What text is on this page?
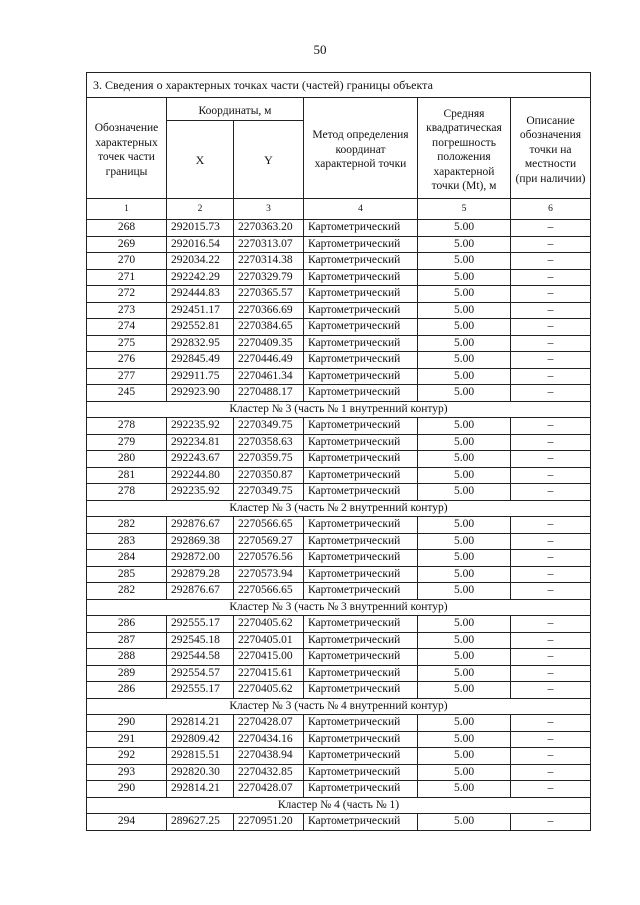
50
3. Сведения о характерных точках части (частей) границы объекта					
Обозначение характерных точек части границы	Координаты, м		Метод определения координат характерной точки	Средняя квадратическая погрешность положения характерной точки (Mt), м	Описание обозначения точки на местности (при наличии)
	X	Y			
1	2	3	4	5	6
268	292015.73	2270363.20	Картометрический	5.00	–
269	292016.54	2270313.07	Картометрический	5.00	–
270	292034.22	2270314.38	Картометрический	5.00	–
271	292242.29	2270329.79	Картометрический	5.00	–
272	292444.83	2270365.57	Картометрический	5.00	–
273	292451.17	2270366.69	Картометрический	5.00	–
274	292552.81	2270384.65	Картометрический	5.00	–
275	292832.95	2270409.35	Картометрический	5.00	–
276	292845.49	2270446.49	Картометрический	5.00	–
277	292911.75	2270461.34	Картометрический	5.00	–
245	292923.90	2270488.17	Картометрический	5.00	–
Кластер № 3 (часть № 1 внутренний контур)					
278	292235.92	2270349.75	Картометрический	5.00	–
279	292234.81	2270358.63	Картометрический	5.00	–
280	292243.67	2270359.75	Картометрический	5.00	–
281	292244.80	2270350.87	Картометрический	5.00	–
278	292235.92	2270349.75	Картометрический	5.00	–
Кластер № 3 (часть № 2 внутренний контур)					
282	292876.67	2270566.65	Картометрический	5.00	–
283	292869.38	2270569.27	Картометрический	5.00	–
284	292872.00	2270576.56	Картометрический	5.00	–
285	292879.28	2270573.94	Картометрический	5.00	–
282	292876.67	2270566.65	Картометрический	5.00	–
Кластер № 3 (часть № 3 внутренний контур)					
286	292555.17	2270405.62	Картометрический	5.00	–
287	292545.18	2270405.01	Картометрический	5.00	–
288	292544.58	2270415.00	Картометрический	5.00	–
289	292554.57	2270415.61	Картометрический	5.00	–
286	292555.17	2270405.62	Картометрический	5.00	–
Кластер № 3 (часть № 4 внутренний контур)					
290	292814.21	2270428.07	Картометрический	5.00	–
291	292809.42	2270434.16	Картометрический	5.00	–
292	292815.51	2270438.94	Картометрический	5.00	–
293	292820.30	2270432.85	Картометрический	5.00	–
290	292814.21	2270428.07	Картометрический	5.00	–
Кластер № 4 (часть № 1)					
294	289627.25	2270951.20	Картометрический	5.00	–
